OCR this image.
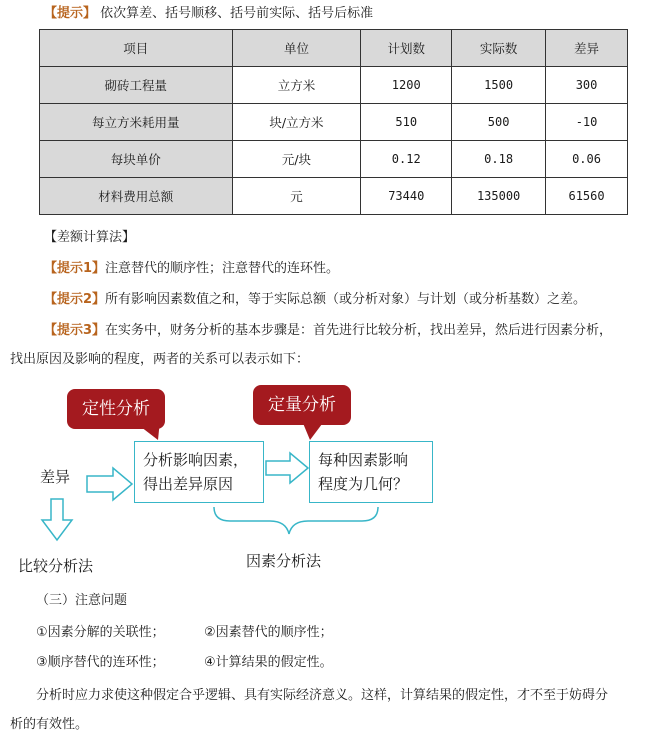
【提示】 依次算差、括号顺移、括号前实际、括号后标准
项目	单位	计划数	实际数	差异
砌砖工程量	立方米	1200	1500	300
每立方米耗用量	块/立方米	510	500	-10
每块单价	元/块	0.12	0.18	0.06
材料费用总额	元	73440	135000	61560
【差额计算法】
【提示1】注意替代的顺序性；注意替代的连环性。
【提示2】所有影响因素数值之和，等于实际总额（或分析对象）与计划（或分析基数）之差。
【提示3】在实务中，财务分析的基本步骤是：首先进行比较分析，找出差异，然后进行因素分析，
找出原因及影响的程度，两者的关系可以表示如下：
定性分析	定量分析
差异
分析影响因素，
得出差异原因
每种因素影响
程度为几何？
比较分析法	因素分析法
（三）注意问题
①因素分解的关联性；	②因素替代的顺序性；
③顺序替代的连环性；	④计算结果的假定性。
分析时应力求使这种假定合乎逻辑、具有实际经济意义。这样，计算结果的假定性，才不至于妨碍分
析的有效性。
